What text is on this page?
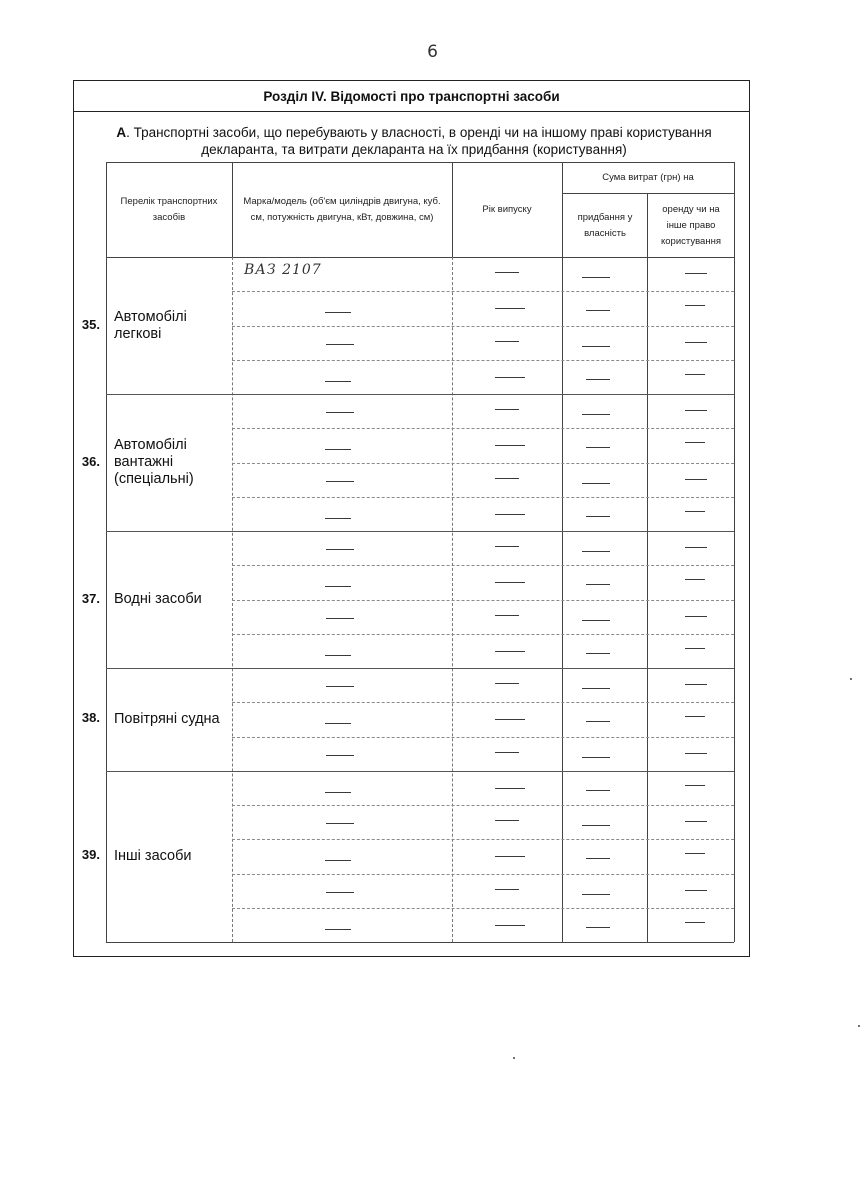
6
Розділ IV. Відомості про транспортні засоби
А. Транспортні засоби, що перебувають у власності, в оренді чи на іншому праві користування
декларанта, та витрати декларанта на їх придбання (користування)
Перелік транспортних засобів
Марка/модель (об'єм циліндрів двигуна, куб. см, потужність двигуна, кВт, довжина, см)
Рік випуску
Сума витрат (грн) на
придбання у власність
оренду чи на інше право користування
ВАЗ 2107
35. Автомобілі легкові
36.
Автомобілі вантажні (спеціальні)
37. Водні засоби
38. Повітряні судна
39. Інші засоби
